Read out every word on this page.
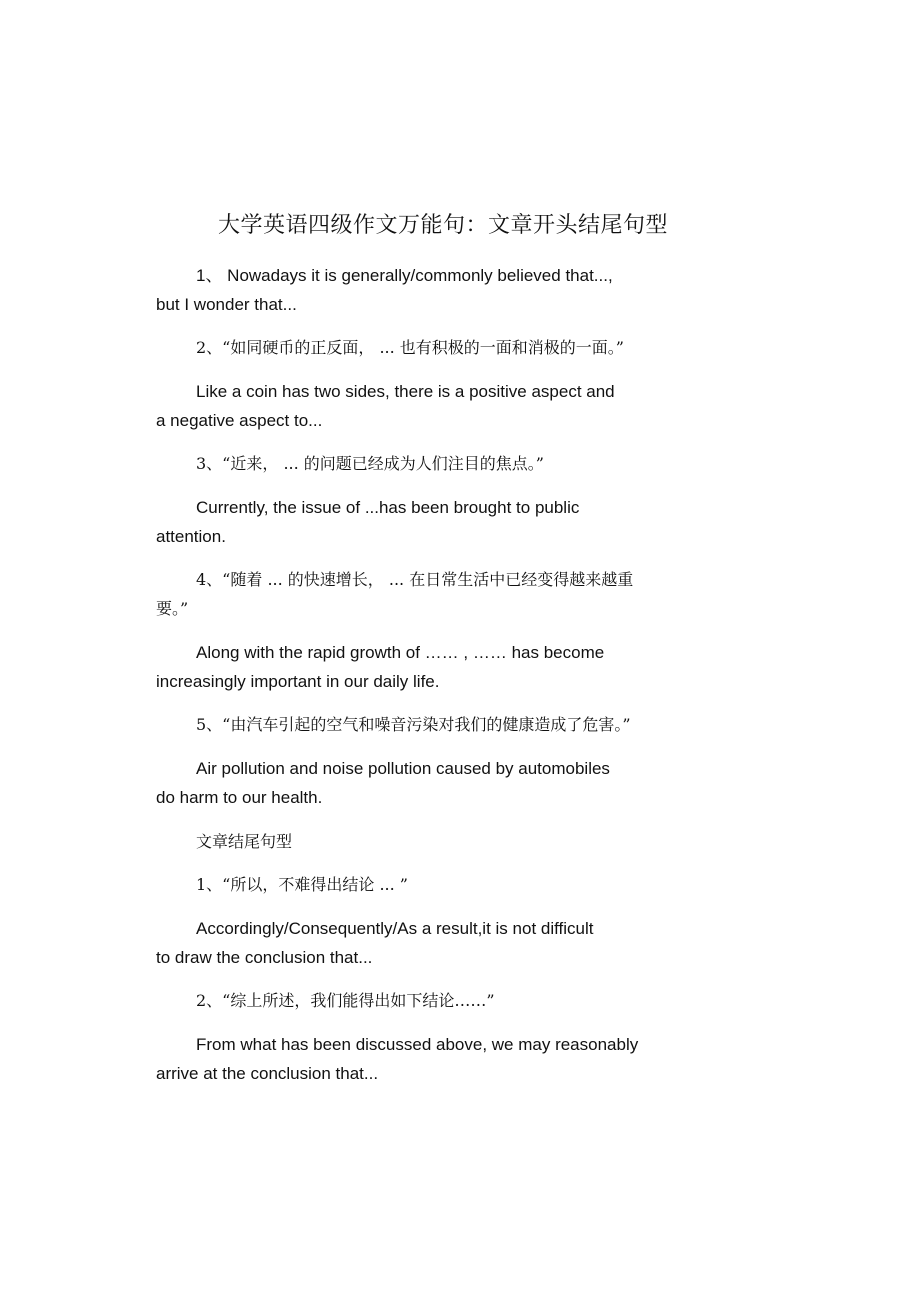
大学英语四级作文万能句：文章开头结尾句型
1、 Nowadays it is generally/commonly believed that...,
but I wonder that...
2、“如同硬币的正反面， ... 也有积极的一面和消极的一面。”
Like a coin has two sides, there is a positive aspect and
a negative aspect to...
3、“近来， ... 的问题已经成为人们注目的焦点。”
Currently, the issue of ...has been brought to public
attention.
4、“随着 ... 的快速增长， ... 在日常生活中已经变得越来越重
要。”
Along with the rapid growth of …… , …… has become
increasingly important in our daily life.
5、“由汽车引起的空气和噪音污染对我们的健康造成了危害。”
Air pollution and noise pollution caused by automobiles
do harm to our health.
文章结尾句型
1、“所以，不难得出结论 ... ”
Accordingly/Consequently/As a result,it is not difficult
to draw the conclusion that...
2、“综上所述，我们能得出如下结论……”
From what has been discussed above, we may reasonably
arrive at the conclusion that...
